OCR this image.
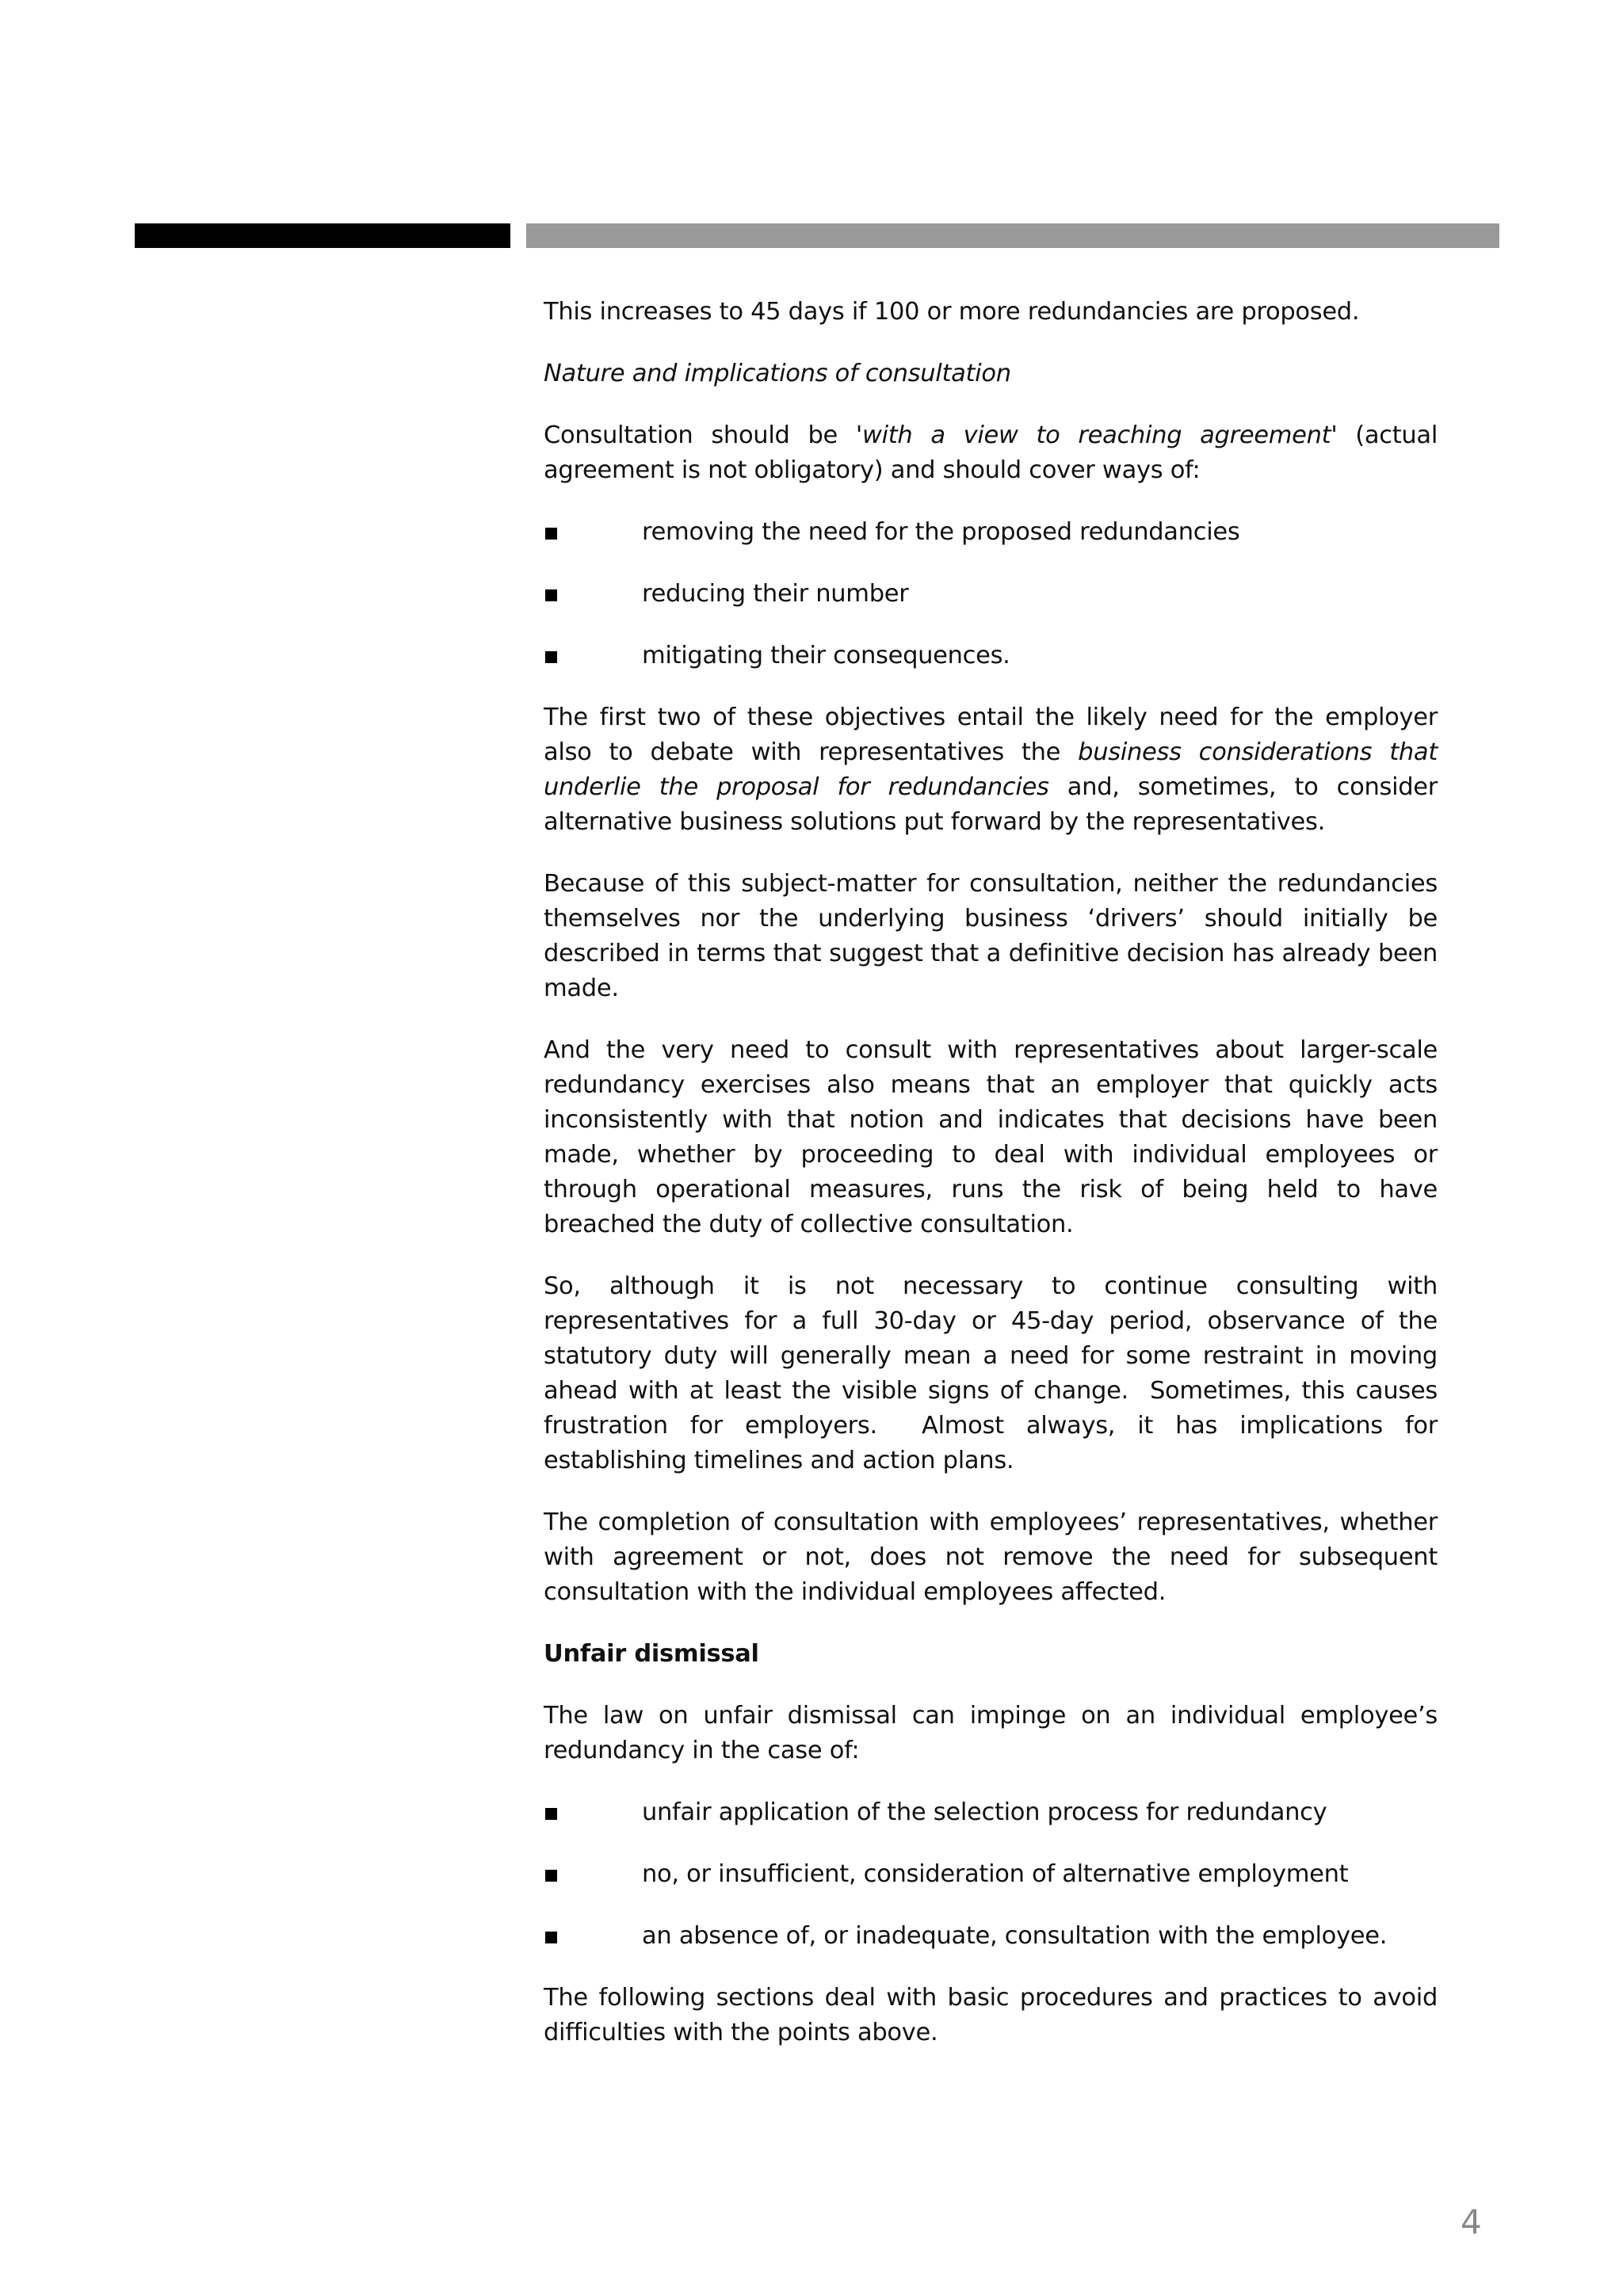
This increases to 45 days if 100 or more redundancies are proposed.

Nature and implications of consultation

Consultation should be 'with a view to reaching agreement' (actual agreement is not obligatory) and should cover ways of:

removing the need for the proposed redundancies
reducing their number
mitigating their consequences.

The first two of these objectives entail the likely need for the employer also to debate with representatives the business considerations that underlie the proposal for redundancies and, sometimes, to consider alternative business solutions put forward by the representatives.

Because of this subject-matter for consultation, neither the redundancies themselves nor the underlying business ‘drivers’ should initially be described in terms that suggest that a definitive decision has already been made.

And the very need to consult with representatives about larger-scale redundancy exercises also means that an employer that quickly acts inconsistently with that notion and indicates that decisions have been made, whether by proceeding to deal with individual employees or through operational measures, runs the risk of being held to have breached the duty of collective consultation.

So, although it is not necessary to continue consulting with representatives for a full 30-day or 45-day period, observance of the statutory duty will generally mean a need for some restraint in moving ahead with at least the visible signs of change.  Sometimes, this causes frustration for employers.  Almost always, it has implications for establishing timelines and action plans.

The completion of consultation with employees’ representatives, whether with agreement or not, does not remove the need for subsequent consultation with the individual employees affected.

Unfair dismissal

The law on unfair dismissal can impinge on an individual employee’s redundancy in the case of:

unfair application of the selection process for redundancy
no, or insufficient, consideration of alternative employment
an absence of, or inadequate, consultation with the employee.

The following sections deal with basic procedures and practices to avoid difficulties with the points above.

4
